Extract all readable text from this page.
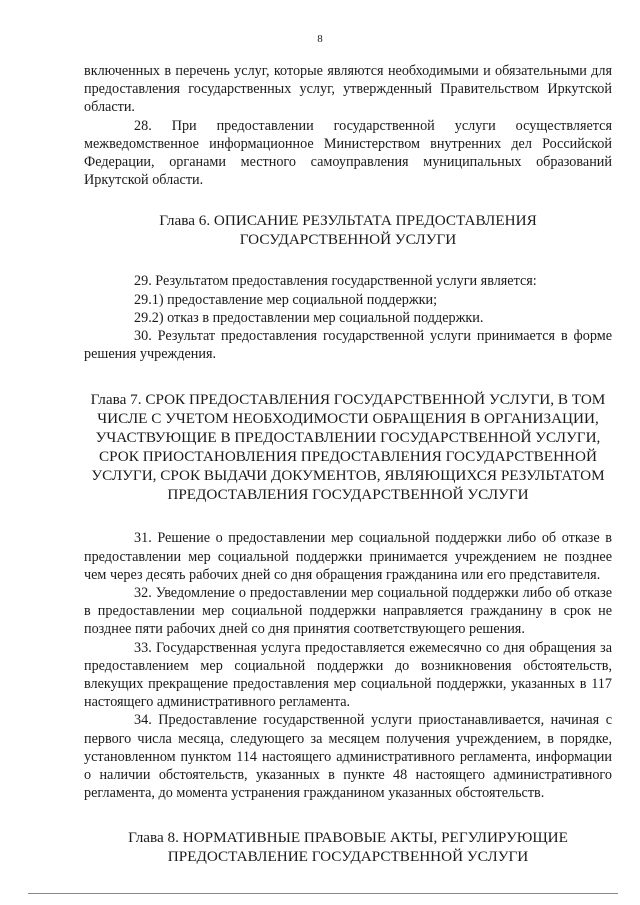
8

включенных в перечень услуг, которые являются необходимыми и обязательными для предоставления государственных услуг, утвержденный Правительством Иркутской области.

28. При предоставлении государственной услуги осуществляется межведомственное информационное Министерством внутренних дел Российской Федерации, органами местного самоуправления муниципальных образований Иркутской области.

Глава 6. ОПИСАНИЕ РЕЗУЛЬТАТА ПРЕДОСТАВЛЕНИЯ ГОСУДАРСТВЕННОЙ УСЛУГИ

29. Результатом предоставления государственной услуги является:

29.1) предоставление мер социальной поддержки;

29.2) отказ в предоставлении мер социальной поддержки.

30. Результат предоставления государственной услуги принимается в форме решения учреждения.

Глава 7. СРОК ПРЕДОСТАВЛЕНИЯ ГОСУДАРСТВЕННОЙ УСЛУГИ, В ТОМ ЧИСЛЕ С УЧЕТОМ НЕОБХОДИМОСТИ ОБРАЩЕНИЯ В ОРГАНИЗАЦИИ, УЧАСТВУЮЩИЕ В ПРЕДОСТАВЛЕНИИ ГОСУДАРСТВЕННОЙ УСЛУГИ, СРОК ПРИОСТАНОВЛЕНИЯ ПРЕДОСТАВЛЕНИЯ ГОСУДАРСТВЕННОЙ УСЛУГИ, СРОК ВЫДАЧИ ДОКУМЕНТОВ, ЯВЛЯЮЩИХСЯ РЕЗУЛЬТАТОМ ПРЕДОСТАВЛЕНИЯ ГОСУДАРСТВЕННОЙ УСЛУГИ

31. Решение о предоставлении мер социальной поддержки либо об отказе в предоставлении мер социальной поддержки принимается учреждением не позднее чем через десять рабочих дней со дня обращения гражданина или его представителя.

32. Уведомление о предоставлении мер социальной поддержки либо об отказе в предоставлении мер социальной поддержки направляется гражданину в срок не позднее пяти рабочих дней со дня принятия соответствующего решения.

33. Государственная услуга предоставляется ежемесячно со дня обращения за предоставлением мер социальной поддержки до возникновения обстоятельств, влекущих прекращение предоставления мер социальной поддержки, указанных в 117 настоящего административного регламента.

34. Предоставление государственной услуги приостанавливается, начиная с первого числа месяца, следующего за месяцем получения учреждением, в порядке, установленном пунктом 114 настоящего административного регламента, информации о наличии обстоятельств, указанных в пункте 48 настоящего административного регламента, до момента устранения гражданином указанных обстоятельств.

Глава 8. НОРМАТИВНЫЕ ПРАВОВЫЕ АКТЫ, РЕГУЛИРУЮЩИЕ ПРЕДОСТАВЛЕНИЕ ГОСУДАРСТВЕННОЙ УСЛУГИ
